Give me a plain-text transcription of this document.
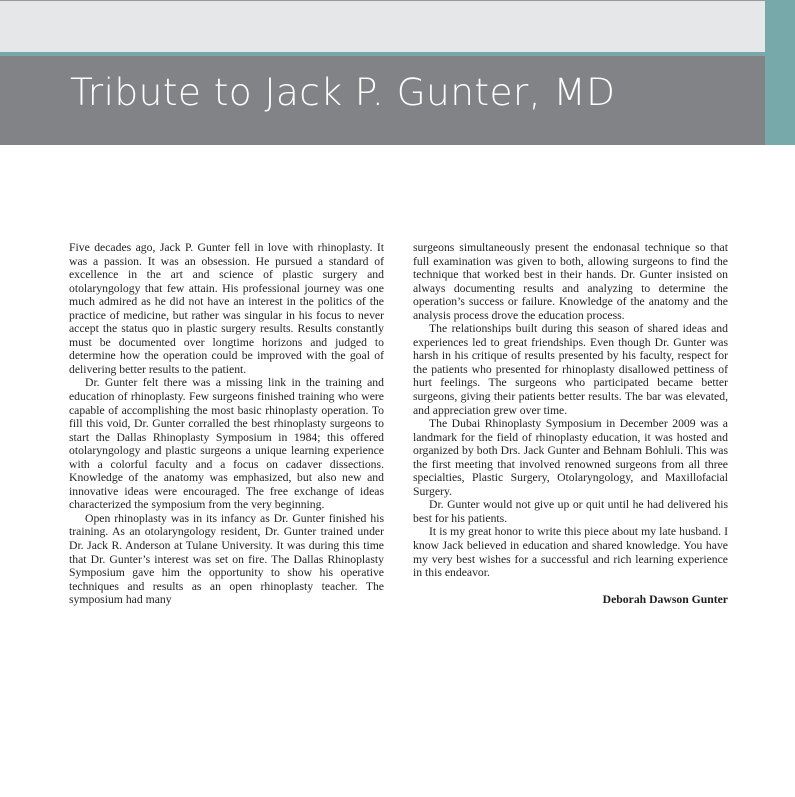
Tribute to Jack P. Gunter, MD

Five decades ago, Jack P. Gunter fell in love with rhinoplasty. It was a passion. It was an obsession. He pursued a standard of excellence in the art and science of plastic surgery and otolaryngology that few attain. His professional journey was one much admired as he did not have an interest in the politics of the practice of medicine, but rather was singular in his focus to never accept the status quo in plastic surgery results. Results constantly must be documented over longtime horizons and judged to determine how the operation could be improved with the goal of delivering better results to the patient.

Dr. Gunter felt there was a missing link in the training and education of rhinoplasty. Few surgeons finished training who were capable of accomplishing the most basic rhinoplasty operation. To fill this void, Dr. Gunter corralled the best rhinoplasty surgeons to start the Dallas Rhinoplasty Symposium in 1984; this offered otolaryngology and plastic surgeons a unique learning experience with a colorful faculty and a focus on cadaver dissections. Knowledge of the anatomy was emphasized, but also new and innovative ideas were encouraged. The free exchange of ideas characterized the symposium from the very beginning.

Open rhinoplasty was in its infancy as Dr. Gunter finished his training. As an otolaryngology resident, Dr. Gunter trained under Dr. Jack R. Anderson at Tulane University. It was during this time that Dr. Gunter’s interest was set on fire. The Dallas Rhinoplasty Symposium gave him the opportunity to show his operative techniques and results as an open rhinoplasty teacher. The symposium had many

surgeons simultaneously present the endonasal technique so that full examination was given to both, allowing surgeons to find the technique that worked best in their hands. Dr. Gunter insisted on always documenting results and analyzing to determine the operation’s success or failure. Knowledge of the anatomy and the analysis process drove the education process.

The relationships built during this season of shared ideas and experiences led to great friendships. Even though Dr. Gunter was harsh in his critique of results presented by his faculty, respect for the patients who presented for rhinoplasty disallowed pettiness of hurt feelings. The surgeons who participated became better surgeons, giving their patients better results. The bar was elevated, and appreciation grew over time.

The Dubai Rhinoplasty Symposium in December 2009 was a landmark for the field of rhinoplasty education, it was hosted and organized by both Drs. Jack Gunter and Behnam Bohluli. This was the first meeting that involved renowned surgeons from all three specialties, Plastic Surgery, Otolaryngology, and Maxillofacial Surgery.

Dr. Gunter would not give up or quit until he had delivered his best for his patients.

It is my great honor to write this piece about my late husband. I know Jack believed in education and shared knowledge. You have my very best wishes for a successful and rich learning experience in this endeavor.

Deborah Dawson Gunter
